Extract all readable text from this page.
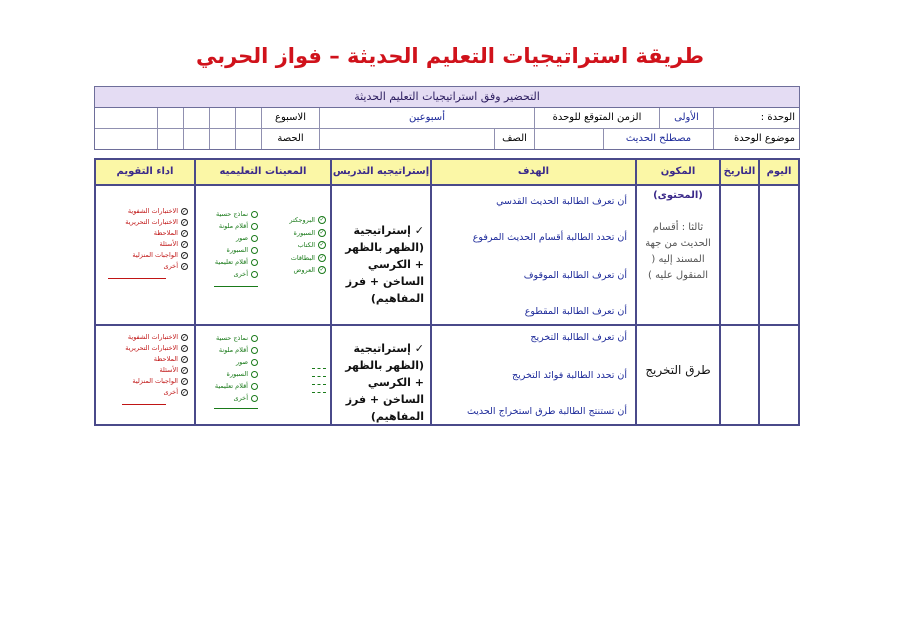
طريقة استراتيجيات التعليم الحديثة – فواز الحربي
التحضير وفق استراتيجيات التعليم الحديثة
الوحدة :
الأولى
الزمن المتوقع للوحدة
أسبوعين
الاسبوع
موضوع الوحدة
مصطلح الحديث
الصف
الحصة
اليوم
التاريخ
المكون (المحتوى)
الهدف
إستراتيجيه التدريس
المعينات التعليميه
اداء التقويم
ثالثا : أقسام الحديث من جهة المسند إليه ( المنقول عليه )
أن تعرف الطالبة الحديث القدسي
أن تحدد الطالبة أقسام الحديث المرفوع
أن تعرف الطالبة الموقوف
أن تعرف الطالبة المقطوع
✓ إستراتيجية (الظهر بالظهر + الكرسي الساخن + فرز المفاهيم)
✓
البروجكتر
✓
السبورة
✓
الكتاب
✓
البطاقات
✓
العروض
نماذج حسية
أقلام ملونة
صور
السبورة
أقلام تعليمية
أخرى
✓
الاختبارات الشفوية
✓
الاختبارات التحريرية
✓
الملاحظة
✓
الأسئلة
✓
الواجبات المنزلية
✓
أخرى
طرق التخريج
أن تعرف الطالبة التخريج
أن تحدد الطالبة فوائد التخريج
أن تستنتج الطالبة طرق استخراج الحديث
✓ إستراتيجية (الظهر بالظهر + الكرسي الساخن + فرز المفاهيم)
نماذج حسية
أقلام ملونة
صور
السبورة
أقلام تعليمية
أخرى
✓
الاختبارات الشفوية
✓
الاختبارات التحريرية
✓
الملاحظة
✓
الأسئلة
✓
الواجبات المنزلية
✓
أخرى
